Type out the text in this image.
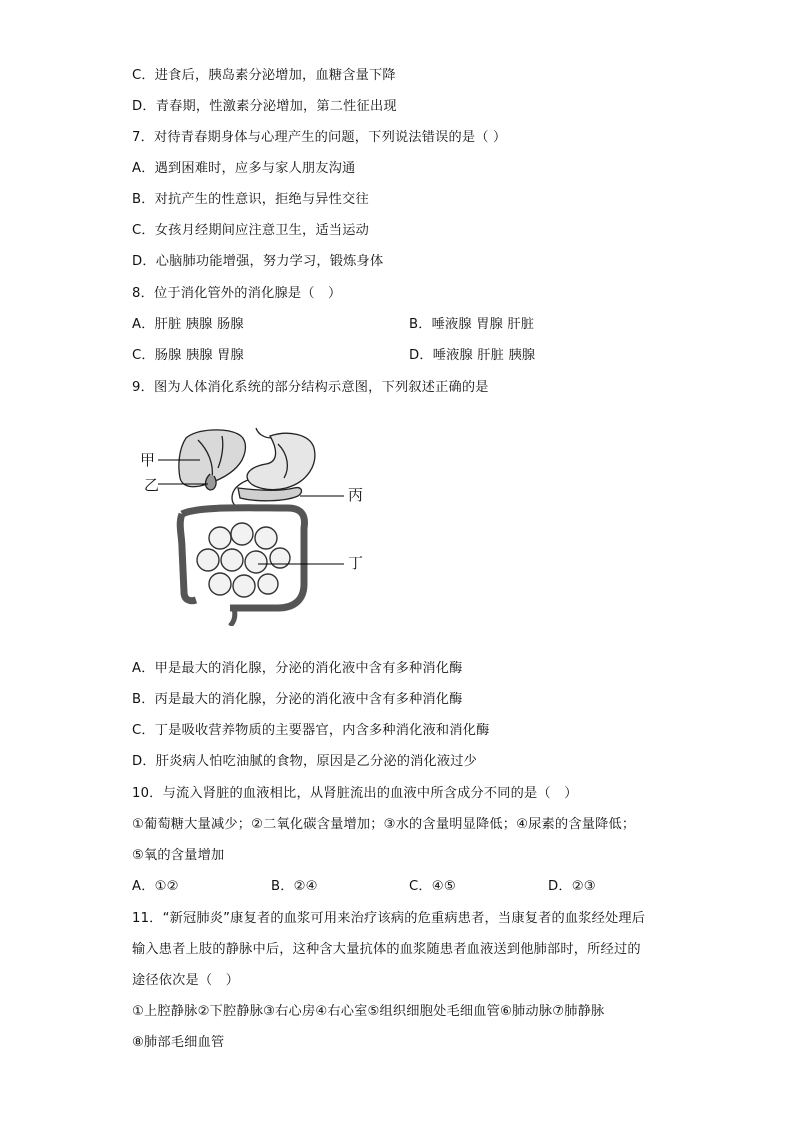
C．进食后，胰岛素分泌增加，血糖含量下降
D．青春期，性激素分泌增加，第二性征出现
7．对待青春期身体与心理产生的问题，下列说法错误的是（ ）
A．遇到困难时，应多与家人朋友沟通
B．对抗产生的性意识，拒绝与异性交往
C．女孩月经期间应注意卫生，适当运动
D．心脑肺功能增强，努力学习，锻炼身体
8．位于消化管外的消化腺是（　）
A．肝脏 胰腺 肠腺	B．唾液腺 胃腺 肝脏
C．肠腺 胰腺 胃腺	D．唾液腺 肝脏 胰腺
9．图为人体消化系统的部分结构示意图，下列叙述正确的是
甲
乙
丙
丁
A．甲是最大的消化腺，分泌的消化液中含有多种消化酶
B．丙是最大的消化腺，分泌的消化液中含有多种消化酶
C．丁是吸收营养物质的主要器官，内含多种消化液和消化酶
D．肝炎病人怕吃油腻的食物，原因是乙分泌的消化液过少
10．与流入肾脏的血液相比，从肾脏流出的血液中所含成分不同的是（　）
①葡萄糖大量减少；②二氧化碳含量增加；③水的含量明显降低；④尿素的含量降低；
⑤氧的含量增加
A．①②	B．②④	C．④⑤	D．②③
11．“新冠肺炎”康复者的血浆可用来治疗该病的危重病患者，当康复者的血浆经处理后
输入患者上肢的静脉中后，这种含大量抗体的血浆随患者血液送到他肺部时，所经过的
途径依次是（　）
①上腔静脉②下腔静脉③右心房④右心室⑤组织细胞处毛细血管⑥肺动脉⑦肺静脉
⑧肺部毛细血管
